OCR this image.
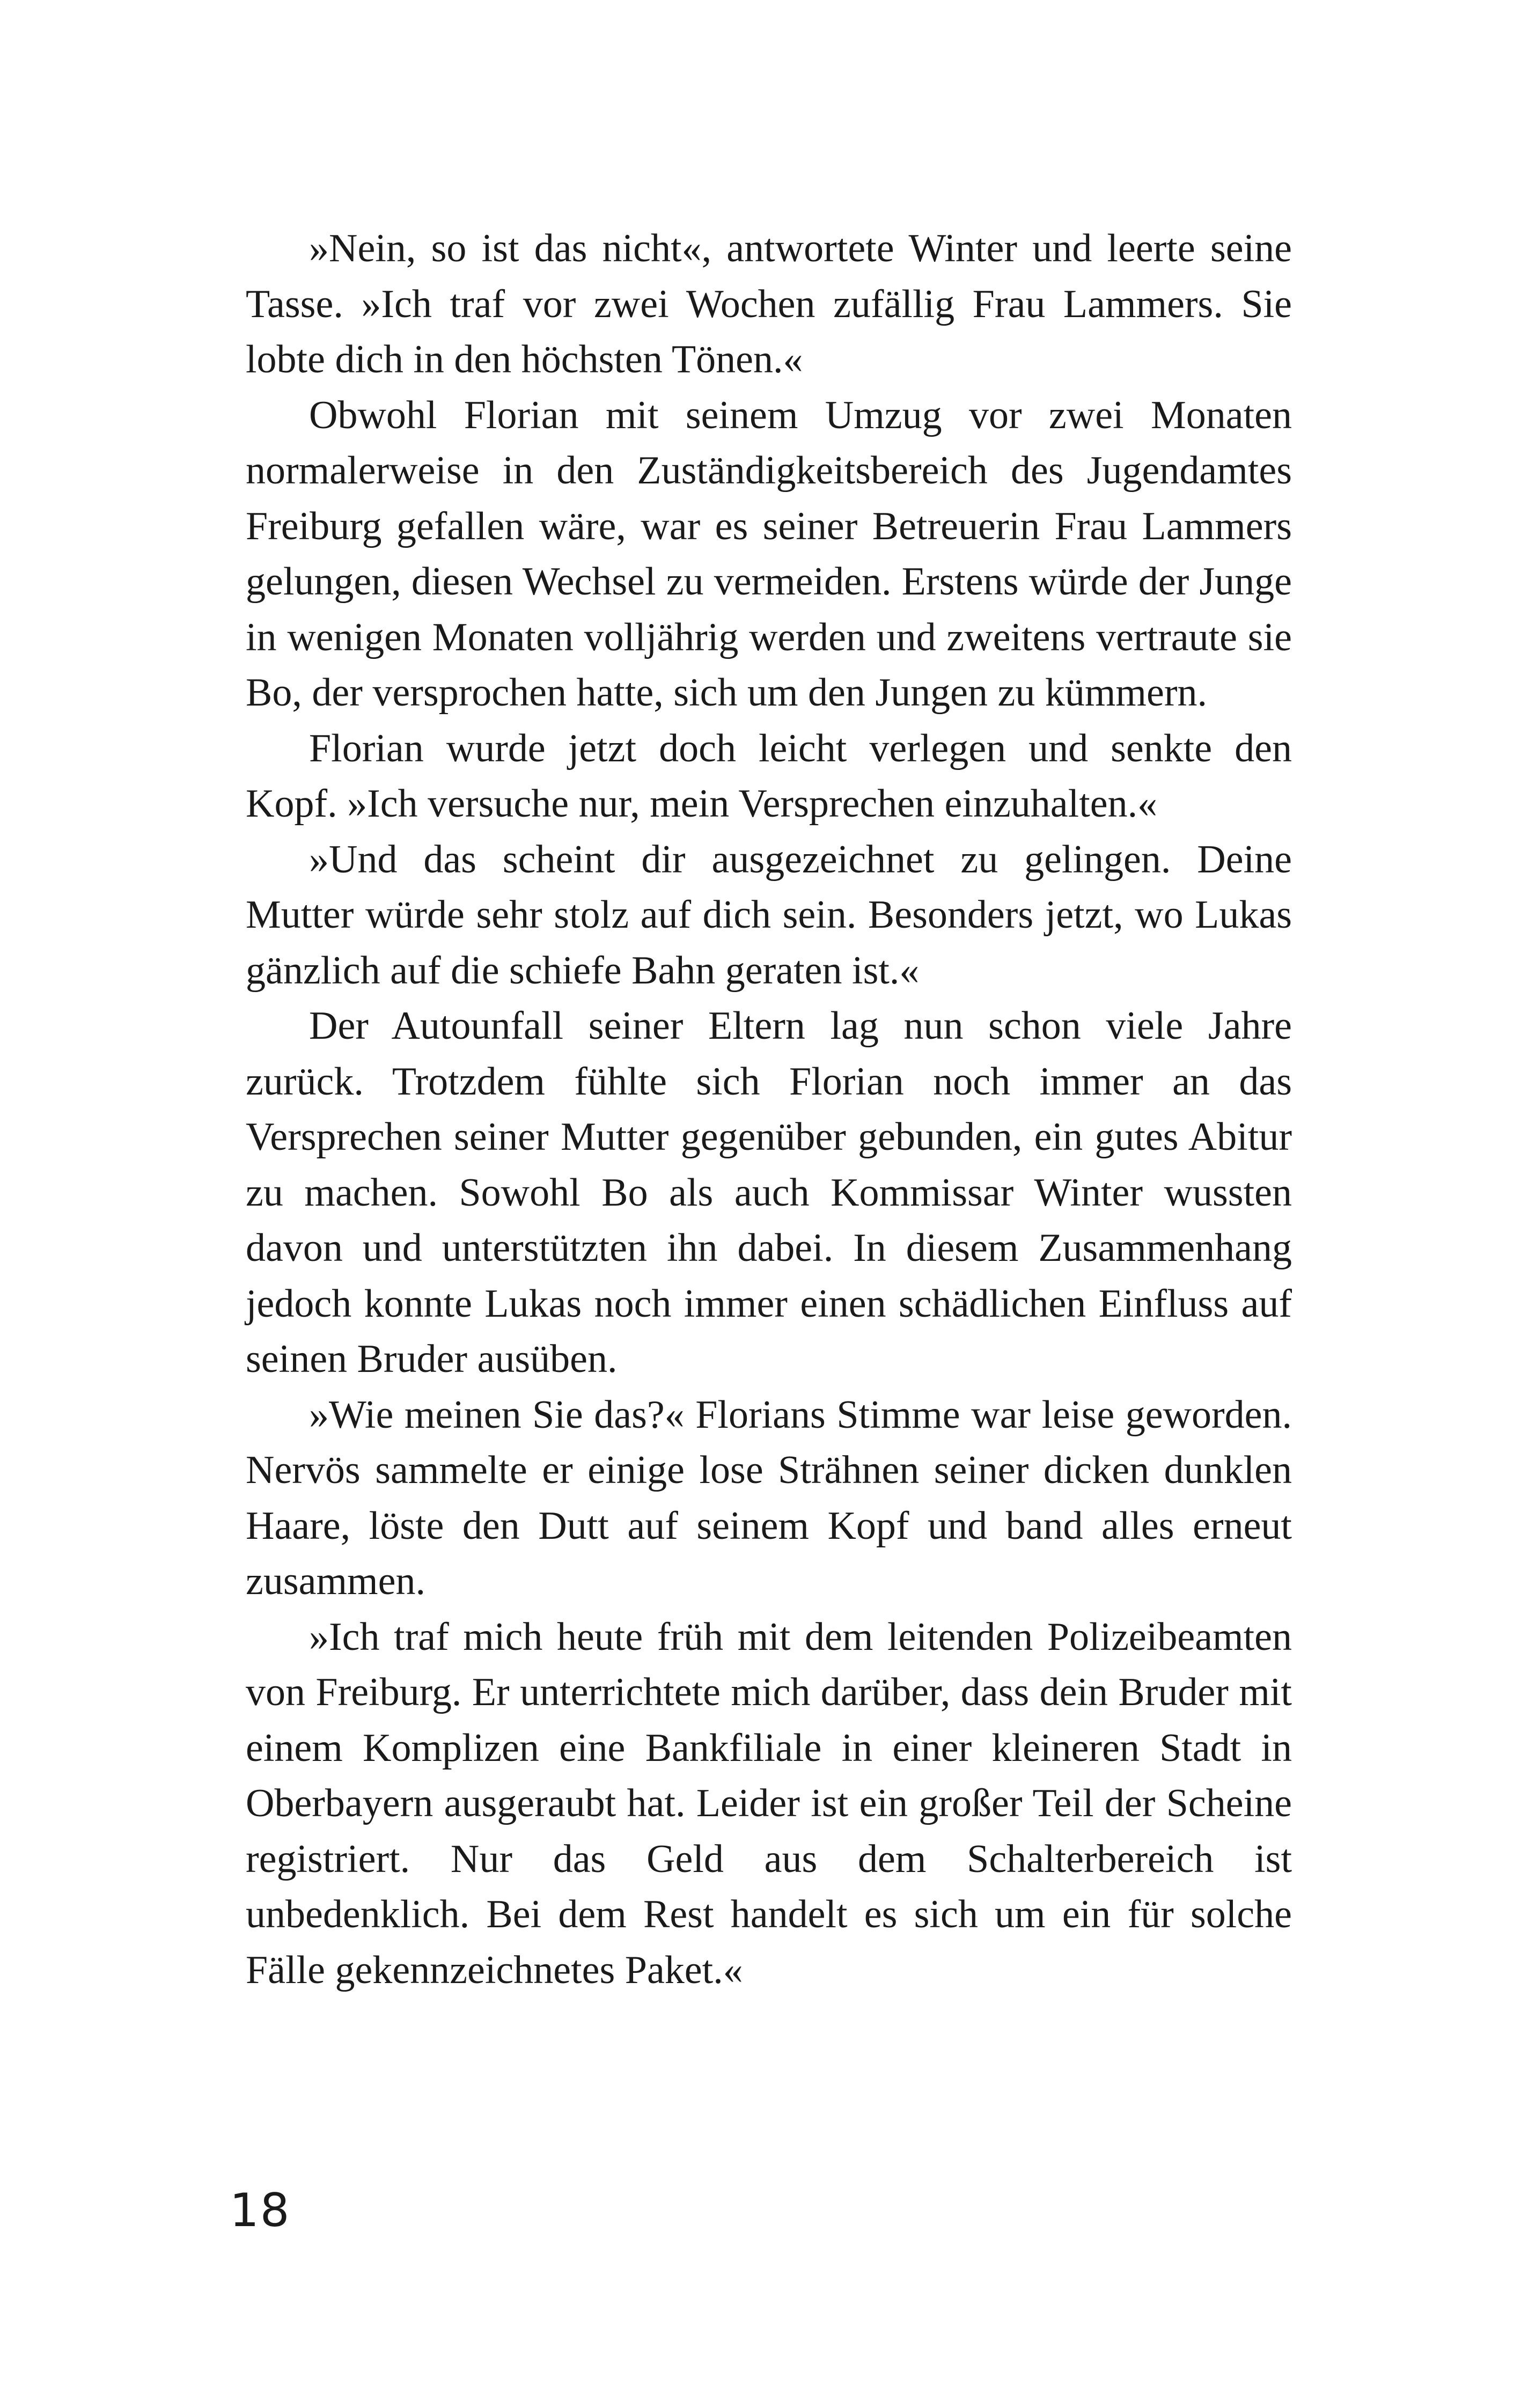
»Nein, so ist das nicht«, antwortete Winter und leerte seine Tasse. »Ich traf vor zwei Wochen zufällig Frau Lammers. Sie lobte dich in den höchsten Tönen.«

Obwohl Florian mit seinem Umzug vor zwei Monaten normalerweise in den Zuständigkeitsbereich des Jugendamtes Freiburg gefallen wäre, war es seiner Betreuerin Frau Lammers gelungen, diesen Wechsel zu vermeiden. Erstens würde der Junge in wenigen Monaten volljährig werden und zweitens vertraute sie Bo, der versprochen hatte, sich um den Jungen zu kümmern.

Florian wurde jetzt doch leicht verlegen und senkte den Kopf. »Ich versuche nur, mein Versprechen einzuhalten.«

»Und das scheint dir ausgezeichnet zu gelingen. Deine Mutter würde sehr stolz auf dich sein. Besonders jetzt, wo Lukas gänzlich auf die schiefe Bahn geraten ist.«

Der Autounfall seiner Eltern lag nun schon viele Jahre zurück. Trotzdem fühlte sich Florian noch immer an das Versprechen seiner Mutter gegenüber gebunden, ein gutes Abitur zu machen. Sowohl Bo als auch Kommissar Winter wussten davon und unterstützten ihn dabei. In diesem Zusammenhang jedoch konnte Lukas noch immer einen schädlichen Einfluss auf seinen Bruder ausüben.

»Wie meinen Sie das?« Florians Stimme war leise geworden. Nervös sammelte er einige lose Strähnen seiner dicken dunklen Haare, löste den Dutt auf seinem Kopf und band alles erneut zusammen.

»Ich traf mich heute früh mit dem leitenden Polizeibeamten von Freiburg. Er unterrichtete mich darüber, dass dein Bruder mit einem Komplizen eine Bankfiliale in einer kleineren Stadt in Oberbayern ausgeraubt hat. Leider ist ein großer Teil der Scheine registriert. Nur das Geld aus dem Schalterbereich ist unbedenklich. Bei dem Rest handelt es sich um ein für solche Fälle gekennzeichnetes Paket.«

18
